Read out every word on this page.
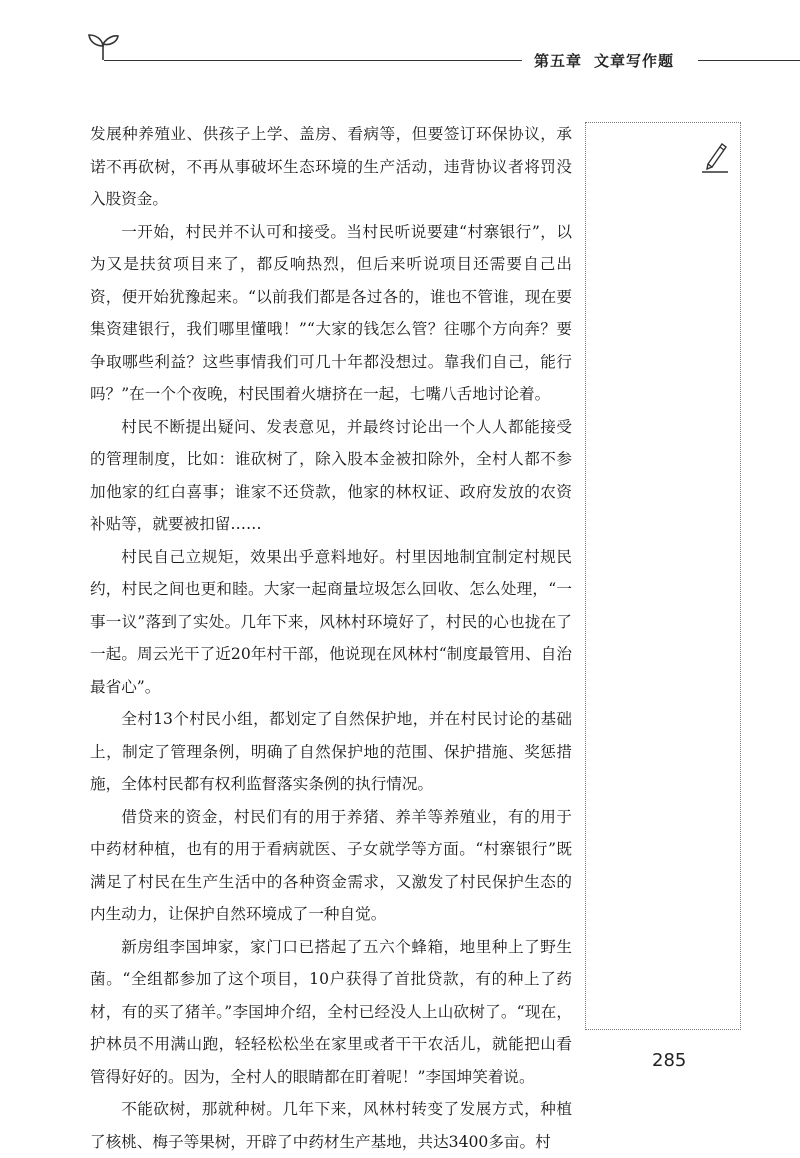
第五章 文章写作题

发展种养殖业、供孩子上学、盖房、看病等，但要签订环保协议，承诺不再砍树，不再从事破坏生态环境的生产活动，违背协议者将罚没入股资金。

一开始，村民并不认可和接受。当村民听说要建“村寨银行”，以为又是扶贫项目来了，都反响热烈，但后来听说项目还需要自己出资，便开始犹豫起来。“以前我们都是各过各的，谁也不管谁，现在要集资建银行，我们哪里懂哦！”“大家的钱怎么管？往哪个方向奔？要争取哪些利益？这些事情我们可几十年都没想过。靠我们自己，能行吗？”在一个个夜晚，村民围着火塘挤在一起，七嘴八舌地讨论着。

村民不断提出疑问、发表意见，并最终讨论出一个人人都能接受的管理制度，比如：谁砍树了，除入股本金被扣除外，全村人都不参加他家的红白喜事；谁家不还贷款，他家的林权证、政府发放的农资补贴等，就要被扣留……

村民自己立规矩，效果出乎意料地好。村里因地制宜制定村规民约，村民之间也更和睦。大家一起商量垃圾怎么回收、怎么处理，“一事一议”落到了实处。几年下来，风林村环境好了，村民的心也拢在了一起。周云光干了近20年村干部，他说现在风林村“制度最管用、自治最省心”。

全村13个村民小组，都划定了自然保护地，并在村民讨论的基础上，制定了管理条例，明确了自然保护地的范围、保护措施、奖惩措施，全体村民都有权利监督落实条例的执行情况。

借贷来的资金，村民们有的用于养猪、养羊等养殖业，有的用于中药材种植，也有的用于看病就医、子女就学等方面。“村寨银行”既满足了村民在生产生活中的各种资金需求，又激发了村民保护生态的内生动力，让保护自然环境成了一种自觉。

新房组李国坤家，家门口已搭起了五六个蜂箱，地里种上了野生菌。“全组都参加了这个项目，10户获得了首批贷款，有的种上了药材，有的买了猪羊。”李国坤介绍，全村已经没人上山砍树了。“现在，护林员不用满山跑，轻轻松松坐在家里或者干干农活儿，就能把山看管得好好的。因为，全村人的眼睛都在盯着呢！”李国坤笑着说。

不能砍树，那就种树。几年下来，风林村转变了发展方式，种植了核桃、梅子等果树，开辟了中药材生产基地，共达3400多亩。村

285
